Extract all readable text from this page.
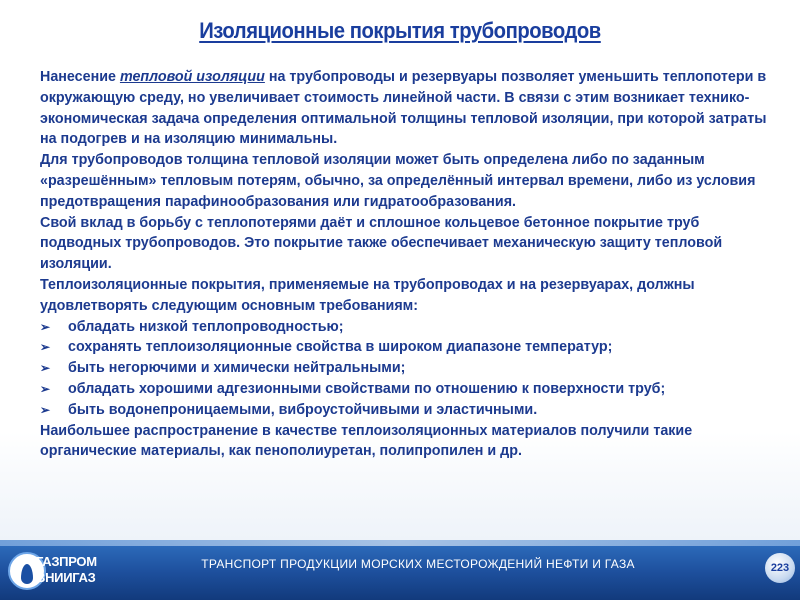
Изоляционные покрытия трубопроводов

Нанесение тепловой изоляции на трубопроводы и резервуары позволяет уменьшить теплопотери в окружающую среду, но увеличивает стоимость линейной части. В связи с этим возникает технико-экономическая задача определения оптимальной толщины тепловой изоляции, при которой затраты на подогрев и на изоляцию минимальны.

Для трубопроводов толщина тепловой изоляции может быть определена либо по заданным «разрешённым» тепловым потерям, обычно, за определённый интервал времени, либо из условия предотвращения парафинообразования или гидратообразования.

Свой вклад в борьбу с теплопотерями даёт и сплошное кольцевое бетонное покрытие труб подводных трубопроводов. Это покрытие также обеспечивает механическую защиту тепловой изоляции.

Теплоизоляционные покрытия, применяемые на трубопроводах и на резервуарах, должны удовлетворять следующим основным требованиям:

➢ обладать низкой теплопроводностью;

➢ сохранять теплоизоляционные свойства в широком диапазоне температур;

➢ быть негорючими и химически нейтральными;

➢ обладать хорошими адгезионными свойствами по отношению к поверхности труб;

➢ быть водонепроницаемыми, виброустойчивыми и эластичными.

Наибольшее распространение в качестве теплоизоляционных материалов получили такие органические материалы, как пенополиуретан, полипропилен и др.

ГАЗПРОМ
ВНИИГАЗ
ТРАНСПОРТ ПРОДУКЦИИ МОРСКИХ МЕСТОРОЖДЕНИЙ НЕФТИ И ГАЗА	223
